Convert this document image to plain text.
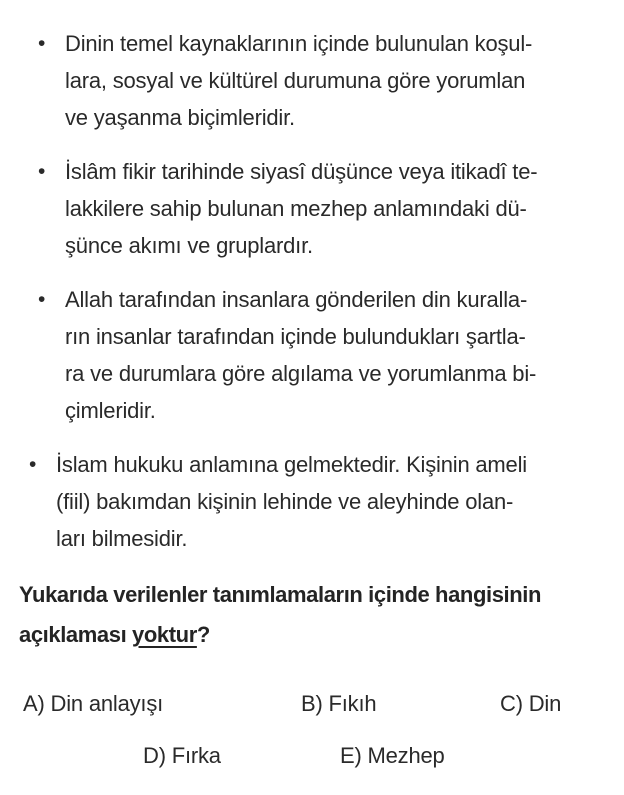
• Dinin temel kaynaklarının içinde bulunulan koşul-
lara, sosyal ve kültürel durumuna göre yorumlan
ve yaşanma biçimleridir.
• İslâm fikir tarihinde siyasî düşünce veya itikadî te-
lakkilere sahip bulunan mezhep anlamındaki dü-
şünce akımı ve gruplardır.
• Allah tarafından insanlara gönderilen din kuralla-
rın insanlar tarafından içinde bulundukları şartla-
ra ve durumlara göre algılama ve yorumlanma bi-
çimleridir.
• İslam hukuku anlamına gelmektedir. Kişinin ameli
(fiil) bakımdan kişinin lehinde ve aleyhinde olan-
ları bilmesidir.
Yukarıda verilenler tanımlamaların içinde hangisinin
açıklaması yoktur?
A) Din anlayışı	B) Fıkıh	C) Din
D) Fırka	E) Mezhep
